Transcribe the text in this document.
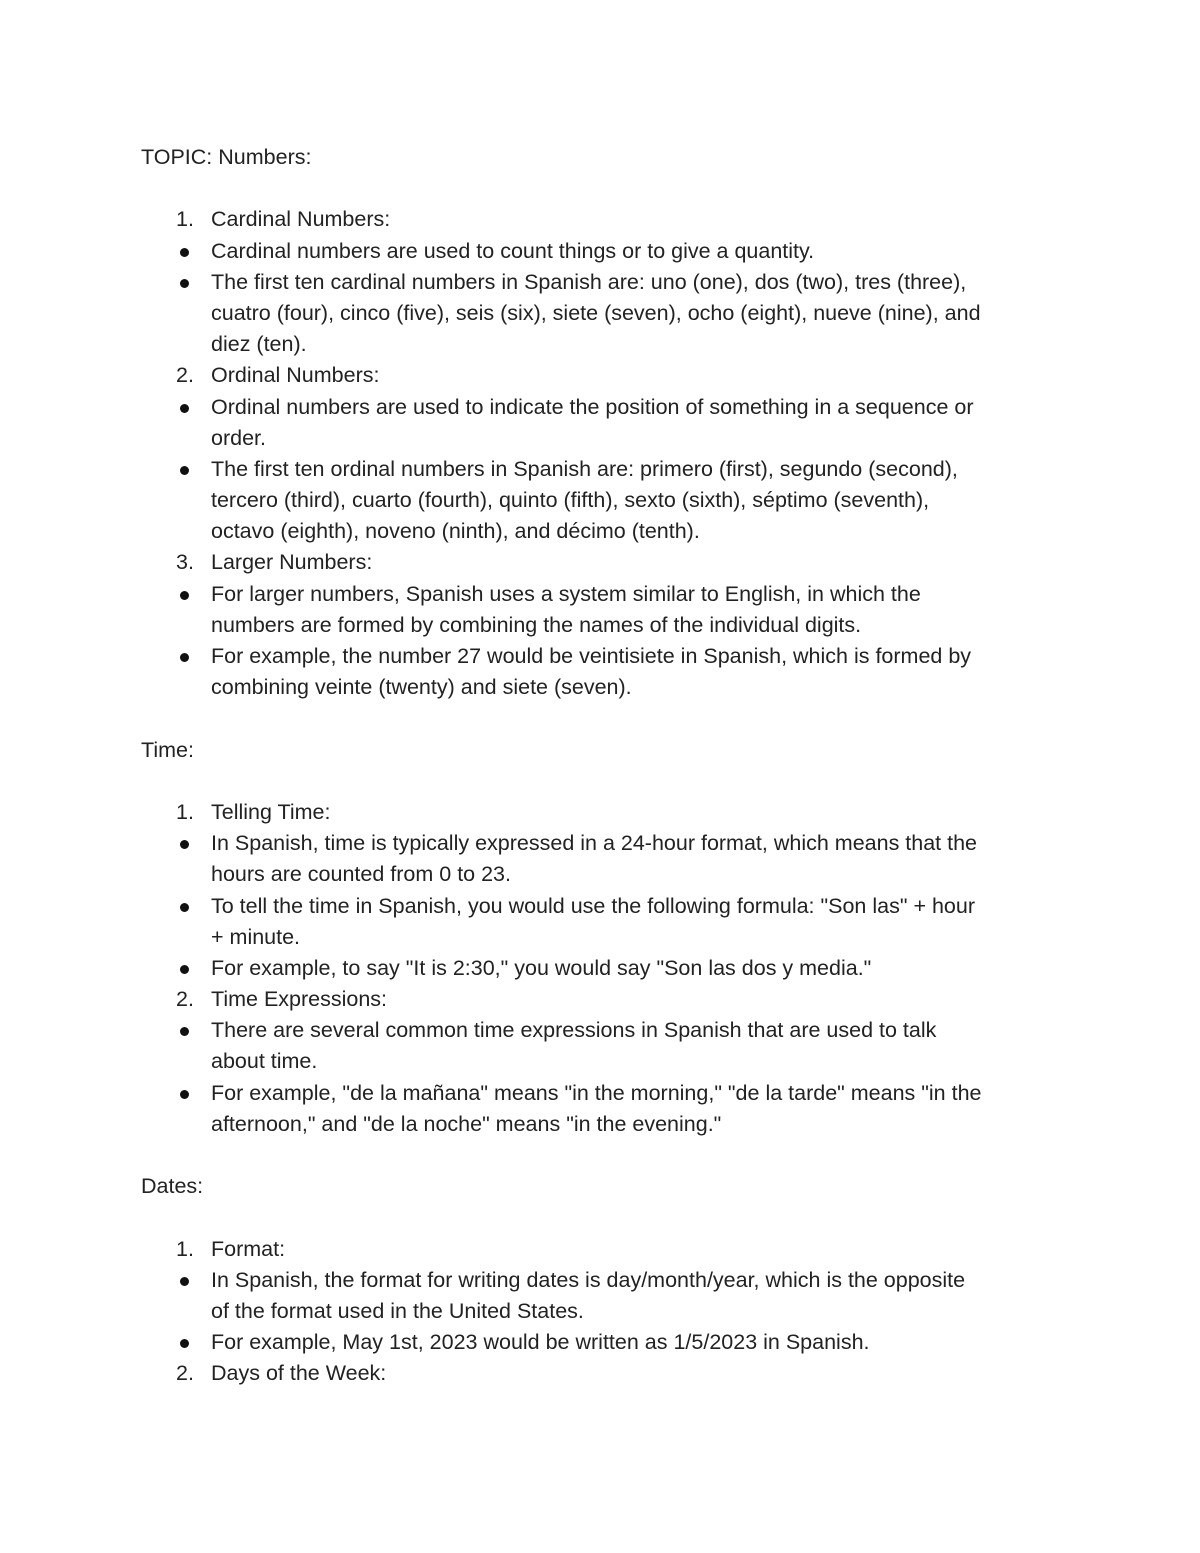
TOPIC: Numbers:
1. Cardinal Numbers:
Cardinal numbers are used to count things or to give a quantity.
The first ten cardinal numbers in Spanish are: uno (one), dos (two), tres (three),
cuatro (four), cinco (five), seis (six), siete (seven), ocho (eight), nueve (nine), and
diez (ten).
2. Ordinal Numbers:
Ordinal numbers are used to indicate the position of something in a sequence or
order.
The first ten ordinal numbers in Spanish are: primero (first), segundo (second),
tercero (third), cuarto (fourth), quinto (fifth), sexto (sixth), séptimo (seventh),
octavo (eighth), noveno (ninth), and décimo (tenth).
3. Larger Numbers:
For larger numbers, Spanish uses a system similar to English, in which the
numbers are formed by combining the names of the individual digits.
For example, the number 27 would be veintisiete in Spanish, which is formed by
combining veinte (twenty) and siete (seven).
Time:
1. Telling Time:
In Spanish, time is typically expressed in a 24-hour format, which means that the
hours are counted from 0 to 23.
To tell the time in Spanish, you would use the following formula: "Son las" + hour
+ minute.
For example, to say "It is 2:30," you would say "Son las dos y media."
2. Time Expressions:
There are several common time expressions in Spanish that are used to talk
about time.
For example, "de la mañana" means "in the morning," "de la tarde" means "in the
afternoon," and "de la noche" means "in the evening."
Dates:
1. Format:
In Spanish, the format for writing dates is day/month/year, which is the opposite
of the format used in the United States.
For example, May 1st, 2023 would be written as 1/5/2023 in Spanish.
2. Days of the Week:
